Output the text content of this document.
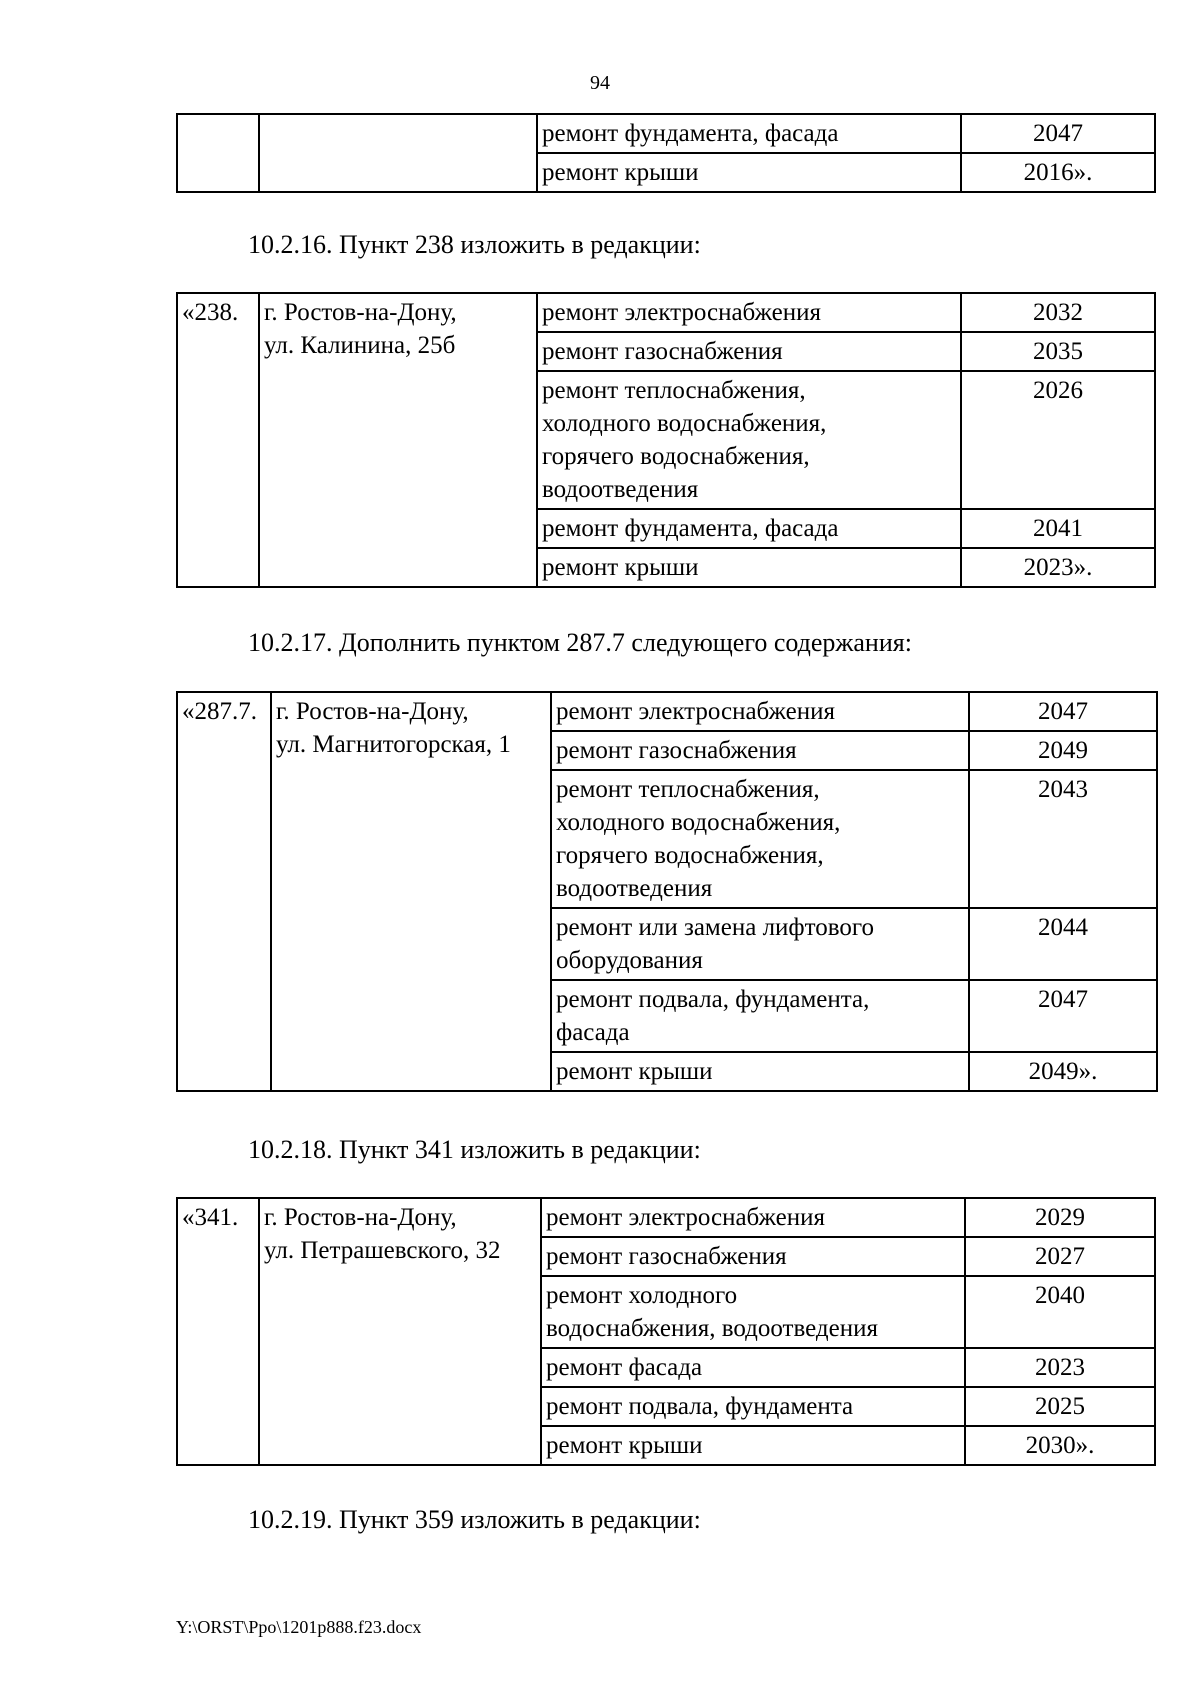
94
		ремонт фундамента, фасада	2047
		ремонт крыши	2016».
10.2.16. Пункт 238 изложить в редакции:
«238.	г. Ростов-на-Дону,
ул. Калинина, 25б	ремонт электроснабжения	2032
		ремонт газоснабжения	2035

		ремонт теплоснабжения,
холодного водоснабжения,
горячего водоснабжения,
водоотведения	2026
		ремонт фундамента, фасада	2041
		ремонт крыши	2023».
10.2.17. Дополнить пунктом 287.7 следующего содержания:
«287.7.	г. Ростов-на-Дону,
ул. Магнитогорская, 1	ремонт электроснабжения	2047
		ремонт газоснабжения	2049

		ремонт теплоснабжения,
холодного водоснабжения,
горячего водоснабжения,
водоотведения	2043

		ремонт или замена лифтового
оборудования	2044

		ремонт подвала, фундамента,
фасада	2047
		ремонт крыши	2049».
10.2.18. Пункт 341 изложить в редакции:
«341.	г. Ростов-на-Дону,
ул. Петрашевского, 32	ремонт электроснабжения	2029
		ремонт газоснабжения	2027

		ремонт холодного
водоснабжения, водоотведения	2040
		ремонт фасада	2023
		ремонт подвала, фундамента	2025
		ремонт крыши	2030».
10.2.19. Пункт 359 изложить в редакции:
Y:\ORST\Ppo\1201p888.f23.docx
